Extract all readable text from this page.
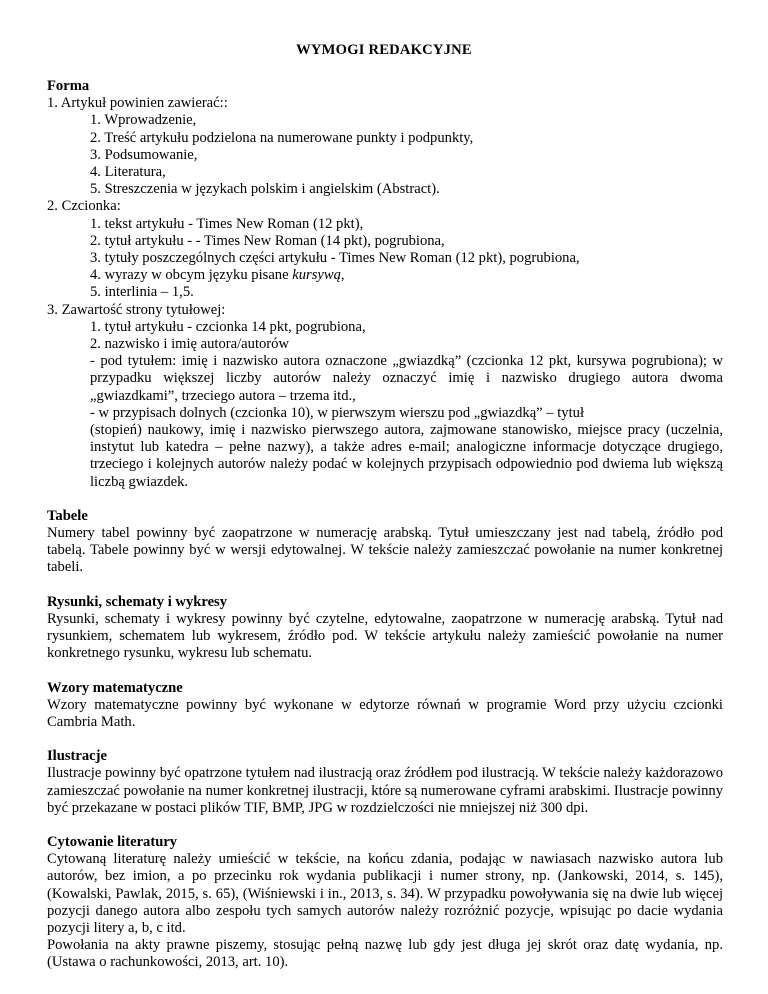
WYMOGI REDAKCYJNE
Forma
1. Artykuł powinien zawierać::
1. Wprowadzenie,
2. Treść artykułu podzielona na numerowane punkty i podpunkty,
3. Podsumowanie,
4. Literatura,
5. Streszczenia w językach polskim i angielskim (Abstract).
2. Czcionka:
1. tekst artykułu - Times New Roman (12 pkt),
2. tytuł artykułu - - Times New Roman (14 pkt), pogrubiona,
3. tytuły poszczególnych części artykułu - Times New Roman (12 pkt), pogrubiona,
4. wyrazy w obcym języku pisane kursywą,
5. interlinia – 1,5.
3. Zawartość strony tytułowej:
1. tytuł artykułu - czcionka 14 pkt, pogrubiona,
2. nazwisko i imię autora/autorów

- pod tytułem: imię i nazwisko autora oznaczone „gwiazdką” (czcionka 12 pkt, kursywa pogrubiona); w przypadku większej liczby autorów należy oznaczyć imię i nazwisko drugiego autora dwoma „gwiazdkami”, trzeciego autora – trzema itd.,

- w przypisach dolnych (czcionka 10), w pierwszym wierszu pod „gwiazdką” – tytuł

(stopień) naukowy, imię i nazwisko pierwszego autora, zajmowane stanowisko, miejsce pracy (uczelnia, instytut lub katedra – pełne nazwy), a także adres e-mail; analogiczne informacje dotyczące drugiego, trzeciego i kolejnych autorów należy podać w kolejnych przypisach odpowiednio pod dwiema lub większą liczbą gwiazdek.

Tabele

Numery tabel powinny być zaopatrzone w numerację arabską. Tytuł umieszczany jest nad tabelą, źródło pod tabelą. Tabele powinny być w wersji edytowalnej. W tekście należy zamieszczać powołanie na numer konkretnej tabeli.

Rysunki, schematy i wykresy

Rysunki, schematy i wykresy powinny być czytelne, edytowalne, zaopatrzone w numerację arabską. Tytuł nad rysunkiem, schematem lub wykresem, źródło pod. W tekście artykułu należy zamieścić powołanie na numer konkretnego rysunku, wykresu lub schematu.

Wzory matematyczne

Wzory matematyczne powinny być wykonane w edytorze równań w programie Word przy użyciu czcionki Cambria Math.

Ilustracje

Ilustracje powinny być opatrzone tytułem nad ilustracją oraz źródłem pod ilustracją. W tekście należy każdorazowo zamieszczać powołanie na numer konkretnej ilustracji, które są numerowane cyframi arabskimi. Ilustracje powinny być przekazane w postaci plików TIF, BMP, JPG w rozdzielczości nie mniejszej niż 300 dpi.

Cytowanie literatury

Cytowaną literaturę należy umieścić w tekście, na końcu zdania, podając w nawiasach nazwisko autora lub autorów, bez imion, a po przecinku rok wydania publikacji i numer strony, np. (Jankowski, 2014, s. 145), (Kowalski, Pawlak, 2015, s. 65), (Wiśniewski i in., 2013, s. 34). W przypadku powoływania się na dwie lub więcej pozycji danego autora albo zespołu tych samych autorów należy rozróżnić pozycje, wpisując po dacie wydania pozycji litery a, b, c itd.

Powołania na akty prawne piszemy, stosując pełną nazwę lub gdy jest długa jej skrót oraz datę wydania, np. (Ustawa o rachunkowości, 2013, art. 10).
